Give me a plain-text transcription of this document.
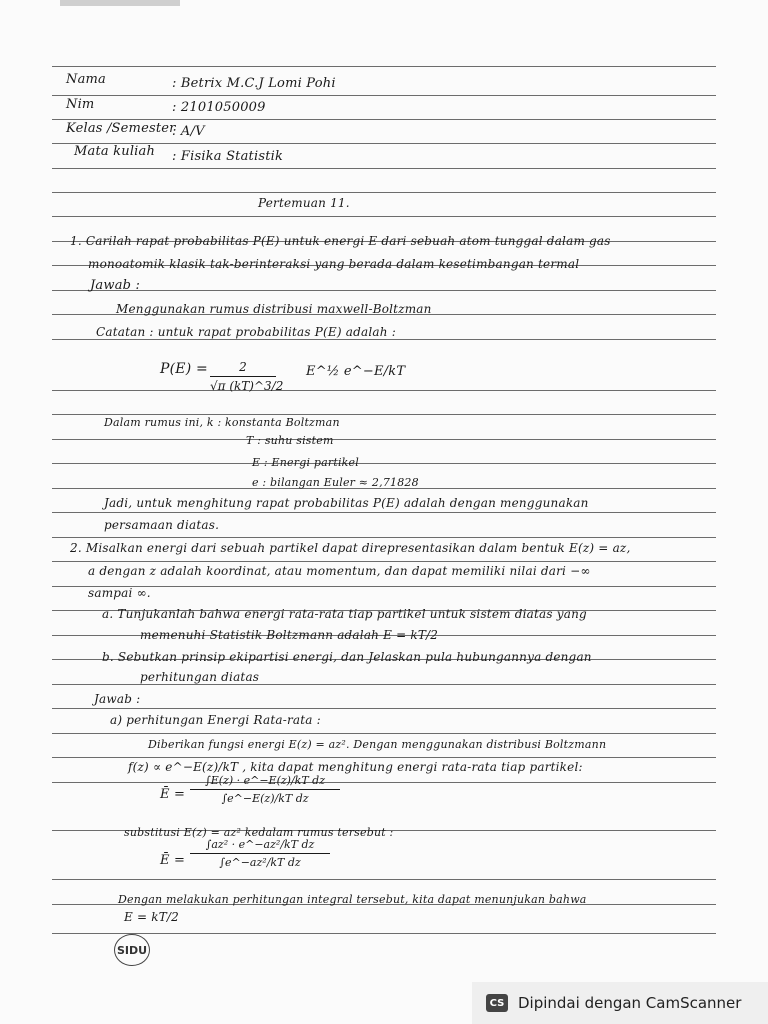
Nama	: Betrix M.C.J Lomi Pohi
Nim	: 2101050009
Kelas /Semester
: A/V
Mata kuliah : Fisika Statistik
Pertemuan 11.
1. Carilah rapat probabilitas P(E) untuk energi E dari sebuah atom tunggal dalam gas
monoatomik klasik tak-berinteraksi yang berada dalam kesetimbangan termal
Jawab :
Menggunakan rumus distribusi maxwell-Boltzman
Catatan : untuk rapat probabilitas P(E) adalah :
P(E) =	2
√π (kT)^3/2
E^½ e^−E/kT
Dalam rumus ini, k : konstanta Boltzman
T : suhu sistem
E : Energi partikel
e : bilangan Euler ≈ 2,71828
Jadi, untuk menghitung rapat probabilitas P(E) adalah dengan menggunakan
persamaan diatas.
2. Misalkan energi dari sebuah partikel dapat direpresentasikan dalam bentuk E(z) = az,
a dengan z adalah koordinat, atau momentum, dan dapat memiliki nilai dari −∞
sampai ∞.
a. Tunjukanlah bahwa energi rata-rata tiap partikel untuk sistem diatas yang
memenuhi Statistik Boltzmann adalah E = kT/2
b. Sebutkan prinsip ekipartisi energi, dan Jelaskan pula hubungannya dengan
perhitungan diatas
Jawab :
a) perhitungan Energi Rata-rata :
Diberikan fungsi energi E(z) = az². Dengan menggunakan distribusi Boltzmann
f(z) ∝ e^−E(z)/kT , kita dapat menghitung energi rata-rata tiap partikel:
Ē =
∫E(z) · e^−E(z)/kT dz
∫e^−E(z)/kT dz
substitusi E(z) = az² kedalam rumus tersebut :
Ē =
∫az² · e^−az²/kT dz
∫e^−az²/kT dz
Dengan melakukan perhitungan integral tersebut, kita dapat menunjukan bahwa
E = kT/2
SIDU
CS Dipindai dengan CamScanner
